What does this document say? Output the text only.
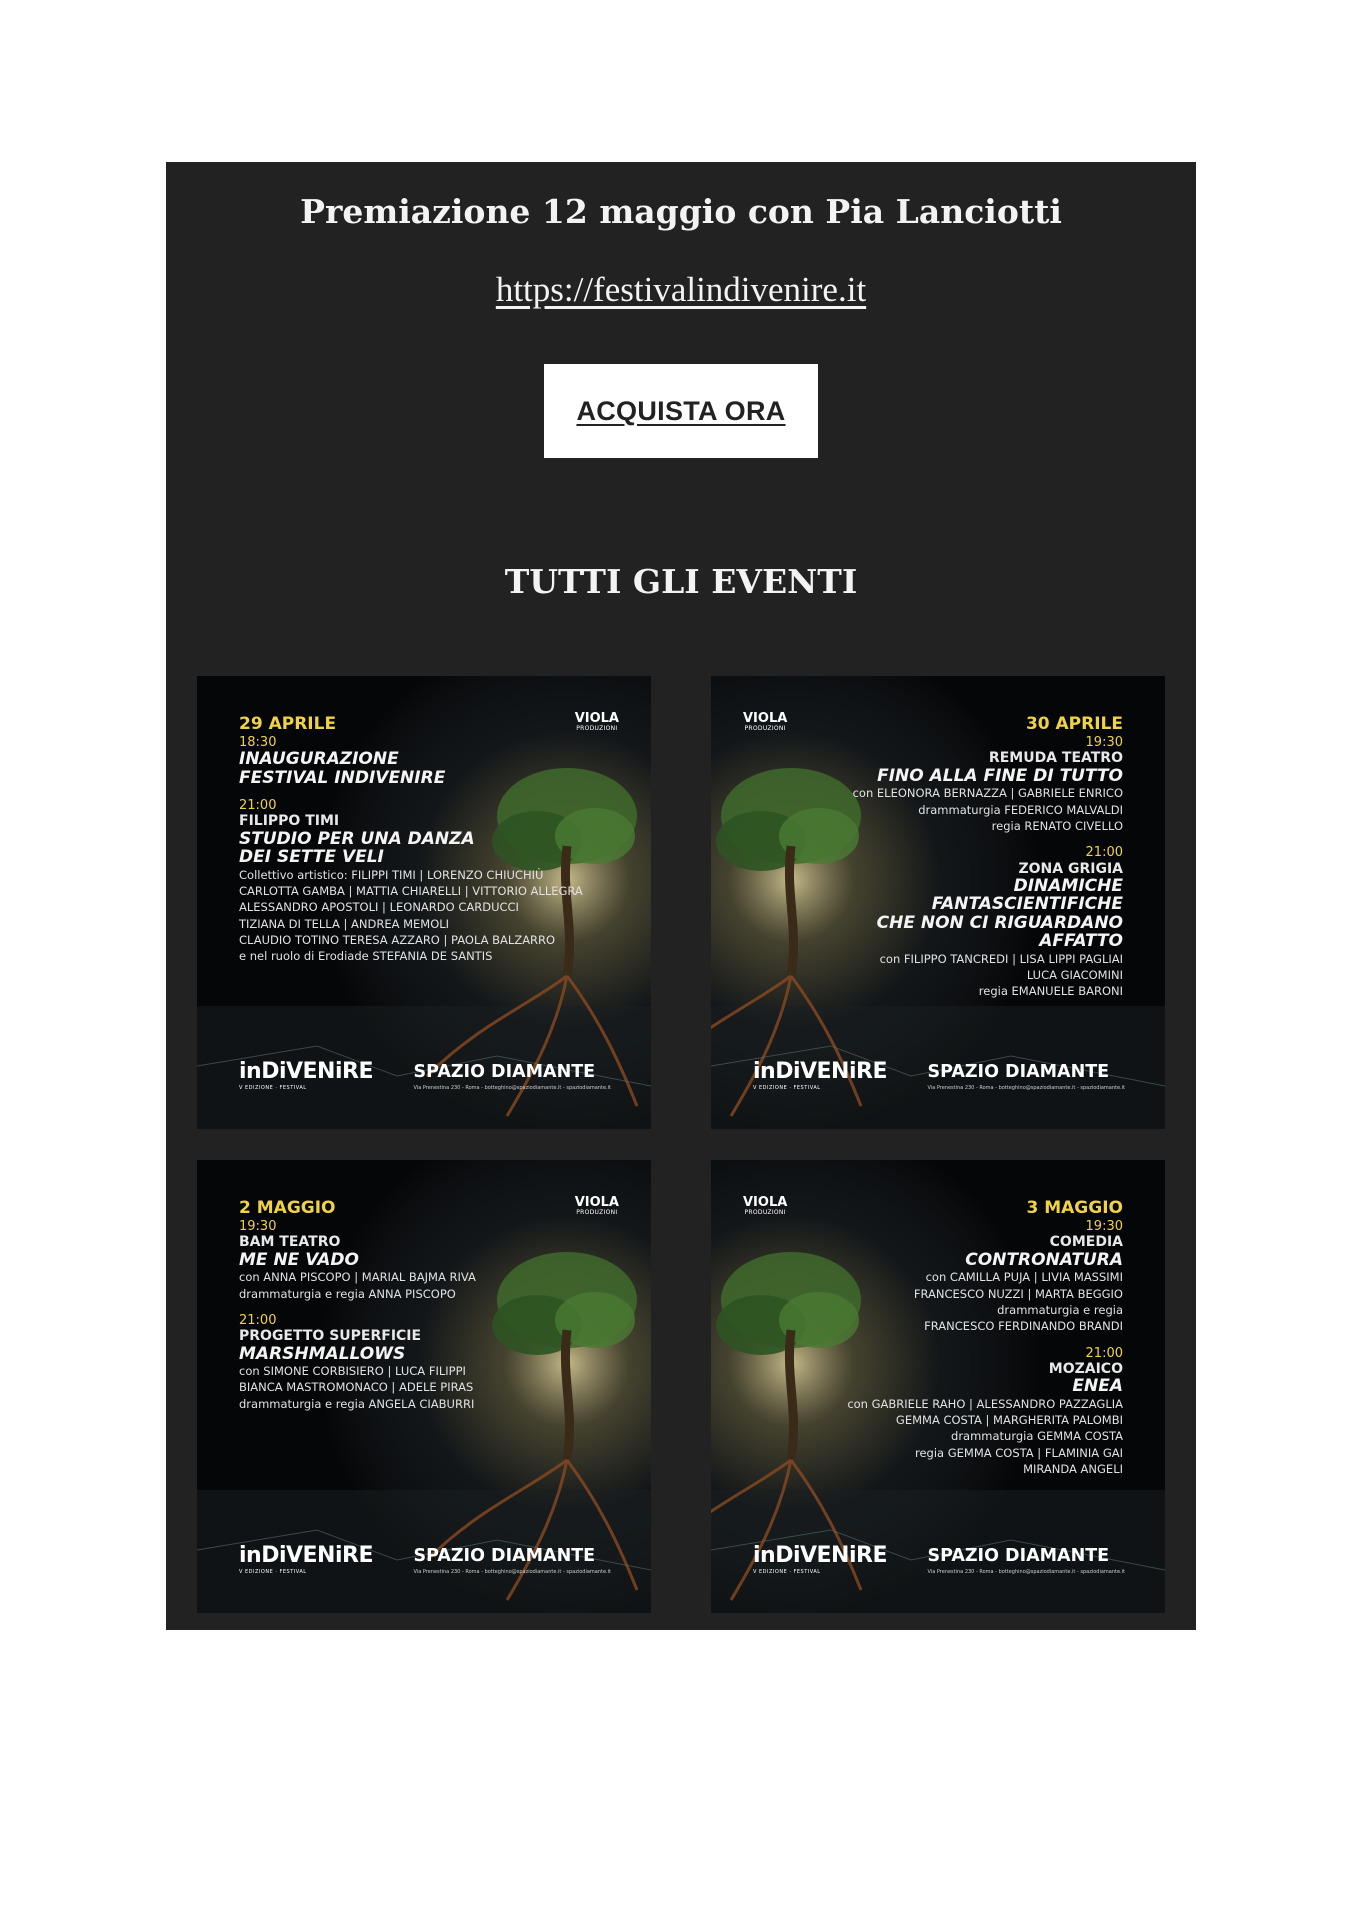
Premiazione 12 maggio con Pia Lanciotti
https://festivalindivenire.it
ACQUISTA ORA
TUTTI GLI EVENTI
VIOLA
PRODUZIONI
29 APRILE
18:30
INAUGURAZIONE
FESTIVAL INDIVENIRE
21:00
FILIPPO TIMI
STUDIO PER UNA DANZA
DEI SETTE VELI
Collettivo artistico: FILIPPI TIMI | LORENZO CHIUCHIÙ
CARLOTTA GAMBA | MATTIA CHIARELLI | VITTORIO ALLEGRA
ALESSANDRO APOSTOLI | LEONARDO CARDUCCI
TIZIANA DI TELLA | ANDREA MEMOLI
CLAUDIO TOTINO TERESA AZZARO | PAOLA BALZARRO
e nel ruolo di Erodiade STEFANIA DE SANTIS
inDiVENiRE
V EDIZIONE · FESTIVAL
SPAZIO DIAMANTE
Via Prenestina 230 - Roma - botteghino@spaziodiamante.it - spaziodiamante.it
VIOLA
PRODUZIONI	30 APRILE
19:30
REMUDA TEATRO
FINO ALLA FINE DI TUTTO
con ELEONORA BERNAZZA | GABRIELE ENRICO
drammaturgia FEDERICO MALVALDI
regia RENATO CIVELLO
21:00
ZONA GRIGIA
DINAMICHE
FANTASCIENTIFICHE
CHE NON CI RIGUARDANO
AFFATTO
con FILIPPO TANCREDI | LISA LIPPI PAGLIAI
LUCA GIACOMINI
regia EMANUELE BARONI
inDiVENiRE
V EDIZIONE · FESTIVAL
SPAZIO DIAMANTE
Via Prenestina 230 - Roma - botteghino@spaziodiamante.it - spaziodiamante.it
VIOLA
PRODUZIONI
2 MAGGIO
19:30
BAM TEATRO
ME NE VADO
con ANNA PISCOPO | MARIAL BAJMA RIVA
drammaturgia e regia ANNA PISCOPO
21:00
PROGETTO SUPERFICIE
MARSHMALLOWS
con SIMONE CORBISIERO | LUCA FILIPPI
BIANCA MASTROMONACO | ADELE PIRAS
drammaturgia e regia ANGELA CIABURRI
inDiVENiRE
V EDIZIONE · FESTIVAL
SPAZIO DIAMANTE
Via Prenestina 230 - Roma - botteghino@spaziodiamante.it - spaziodiamante.it
VIOLA
PRODUZIONI	3 MAGGIO
19:30
COMEDIA
CONTRONATURA
con CAMILLA PUJA | LIVIA MASSIMI
FRANCESCO NUZZI | MARTA BEGGIO
drammaturgia e regia
FRANCESCO FERDINANDO BRANDI
21:00
MOZAICO
ENEA
con GABRIELE RAHO | ALESSANDRO PAZZAGLIA
GEMMA COSTA | MARGHERITA PALOMBI
drammaturgia GEMMA COSTA
regia GEMMA COSTA | FLAMINIA GAI
MIRANDA ANGELI
inDiVENiRE
V EDIZIONE · FESTIVAL
SPAZIO DIAMANTE
Via Prenestina 230 - Roma - botteghino@spaziodiamante.it - spaziodiamante.it
